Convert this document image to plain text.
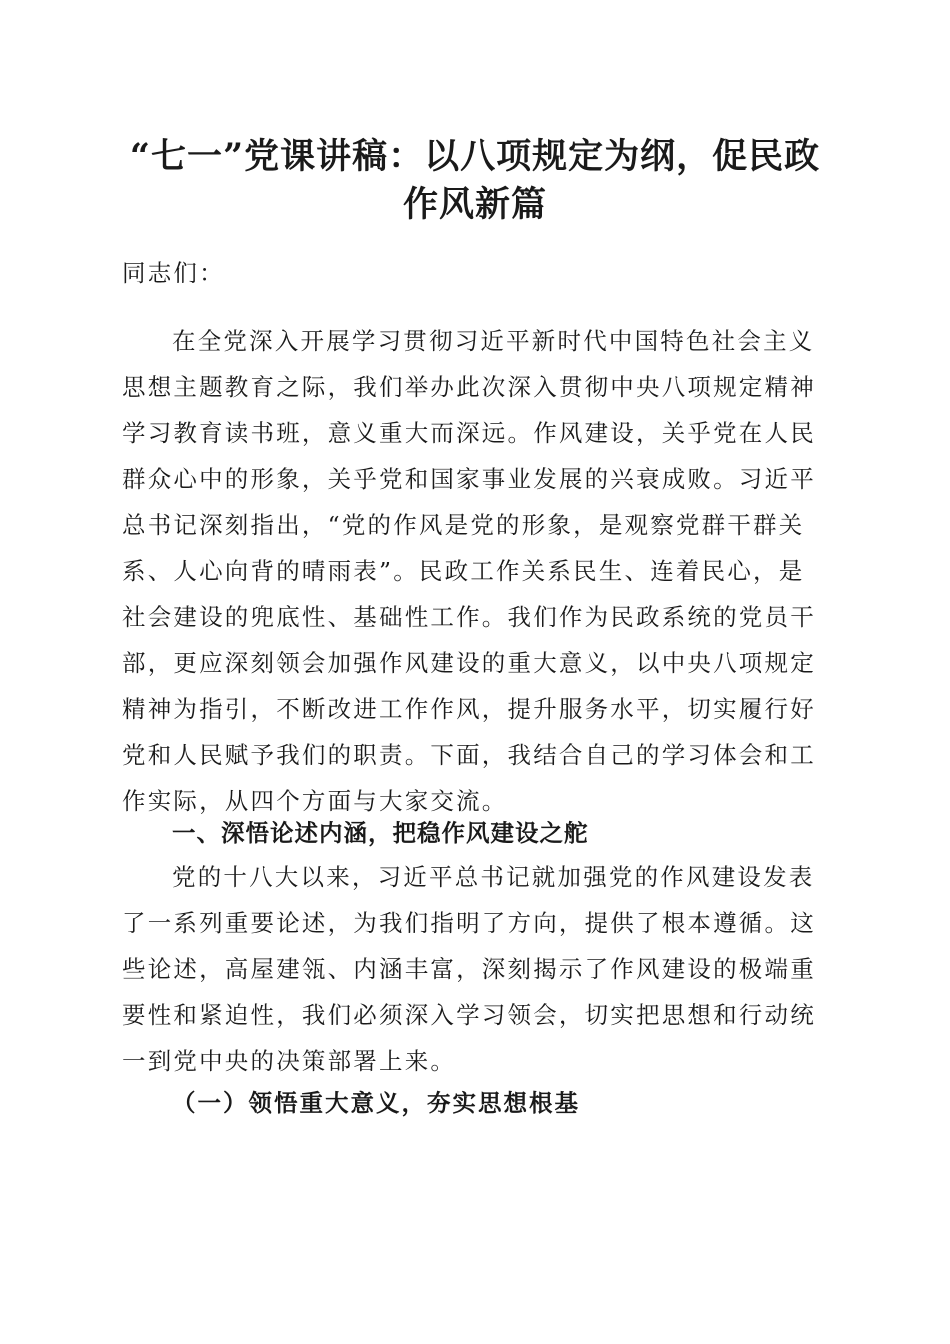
“七一”党课讲稿：以八项规定为纲，促民政
作风新篇
同志们：
在全党深入开展学习贯彻习近平新时代中国特色社会主义
思想主题教育之际，我们举办此次深入贯彻中央八项规定精神
学习教育读书班，意义重大而深远。作风建设，关乎党在人民
群众心中的形象，关乎党和国家事业发展的兴衰成败。习近平
总书记深刻指出，“党的作风是党的形象，是观察党群干群关
系、人心向背的晴雨表”。民政工作关系民生、连着民心，是
社会建设的兜底性、基础性工作。我们作为民政系统的党员干
部，更应深刻领会加强作风建设的重大意义，以中央八项规定
精神为指引，不断改进工作作风，提升服务水平，切实履行好
党和人民赋予我们的职责。下面，我结合自己的学习体会和工
作实际，从四个方面与大家交流。
一、深悟论述内涵，把稳作风建设之舵
党的十八大以来，习近平总书记就加强党的作风建设发表
了一系列重要论述，为我们指明了方向，提供了根本遵循。这
些论述，高屋建瓴、内涵丰富，深刻揭示了作风建设的极端重
要性和紧迫性，我们必须深入学习领会，切实把思想和行动统
一到党中央的决策部署上来。
（一）领悟重大意义，夯实思想根基
